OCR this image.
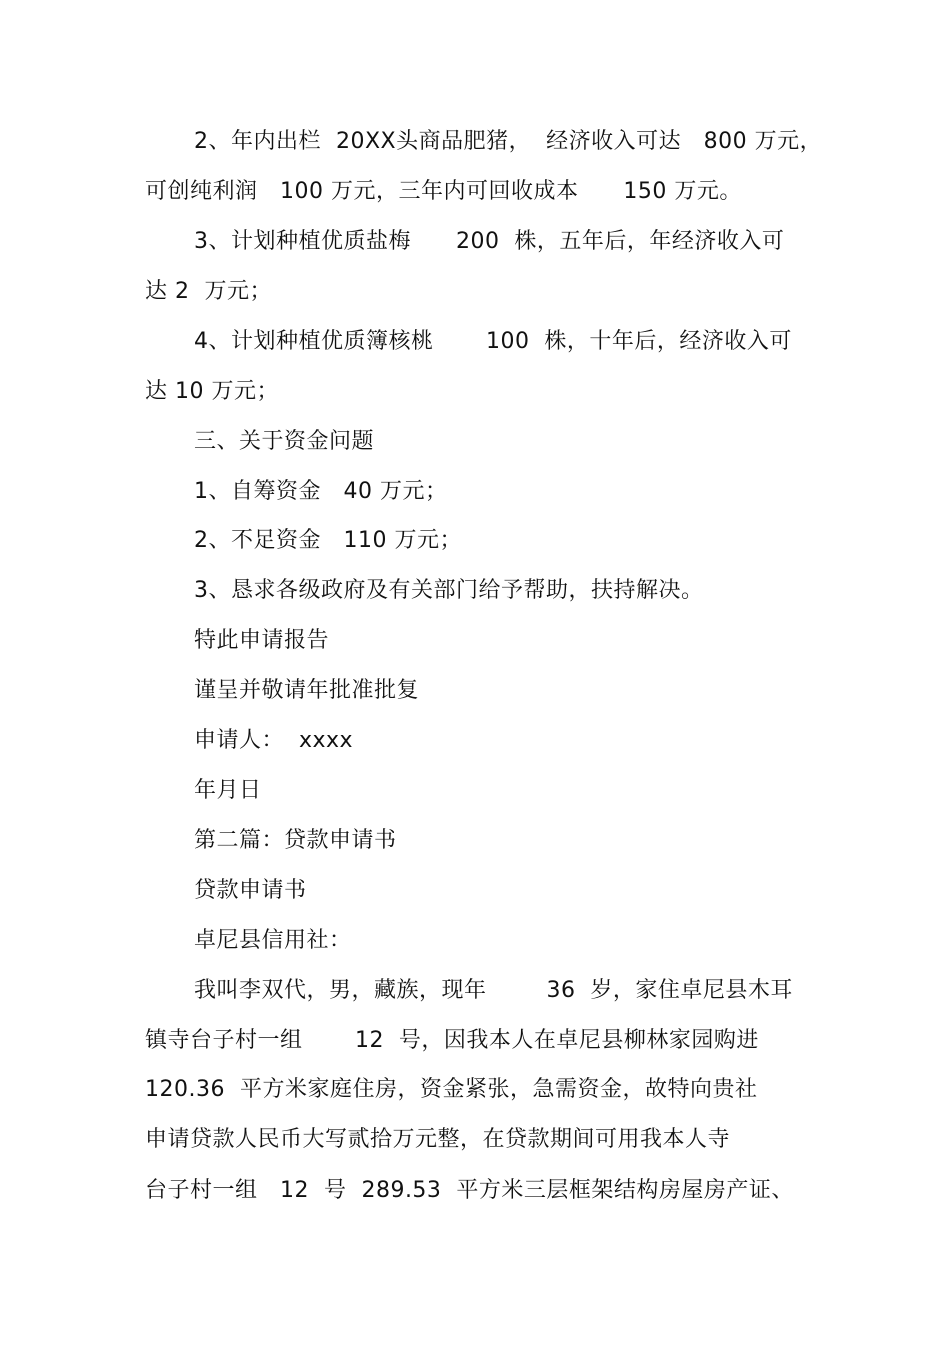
2、年内出栏  20XX头商品肥猪，  经济收入可达   800 万元，
可创纯利润   100 万元，三年内可回收成本      150 万元。
3、计划种植优质盐梅      200  株，五年后，年经济收入可
达 2  万元；
4、计划种植优质簿核桃       100  株，十年后，经济收入可
达 10 万元；
三、关于资金问题
1、自筹资金   40 万元；
2、不足资金   110 万元；
3、恳求各级政府及有关部门给予帮助，扶持解决。
特此申请报告
谨呈并敬请年批准批复
申请人：  xxxx
年月日
第二篇：贷款申请书
贷款申请书
卓尼县信用社：
我叫李双代，男，藏族，现年        36  岁，家住卓尼县木耳
镇寺台子村一组       12  号，因我本人在卓尼县柳林家园购进
120.36  平方米家庭住房，资金紧张，急需资金，故特向贵社
申请贷款人民币大写贰拾万元整，在贷款期间可用我本人寺
台子村一组   12  号  289.53  平方米三层框架结构房屋房产证、
